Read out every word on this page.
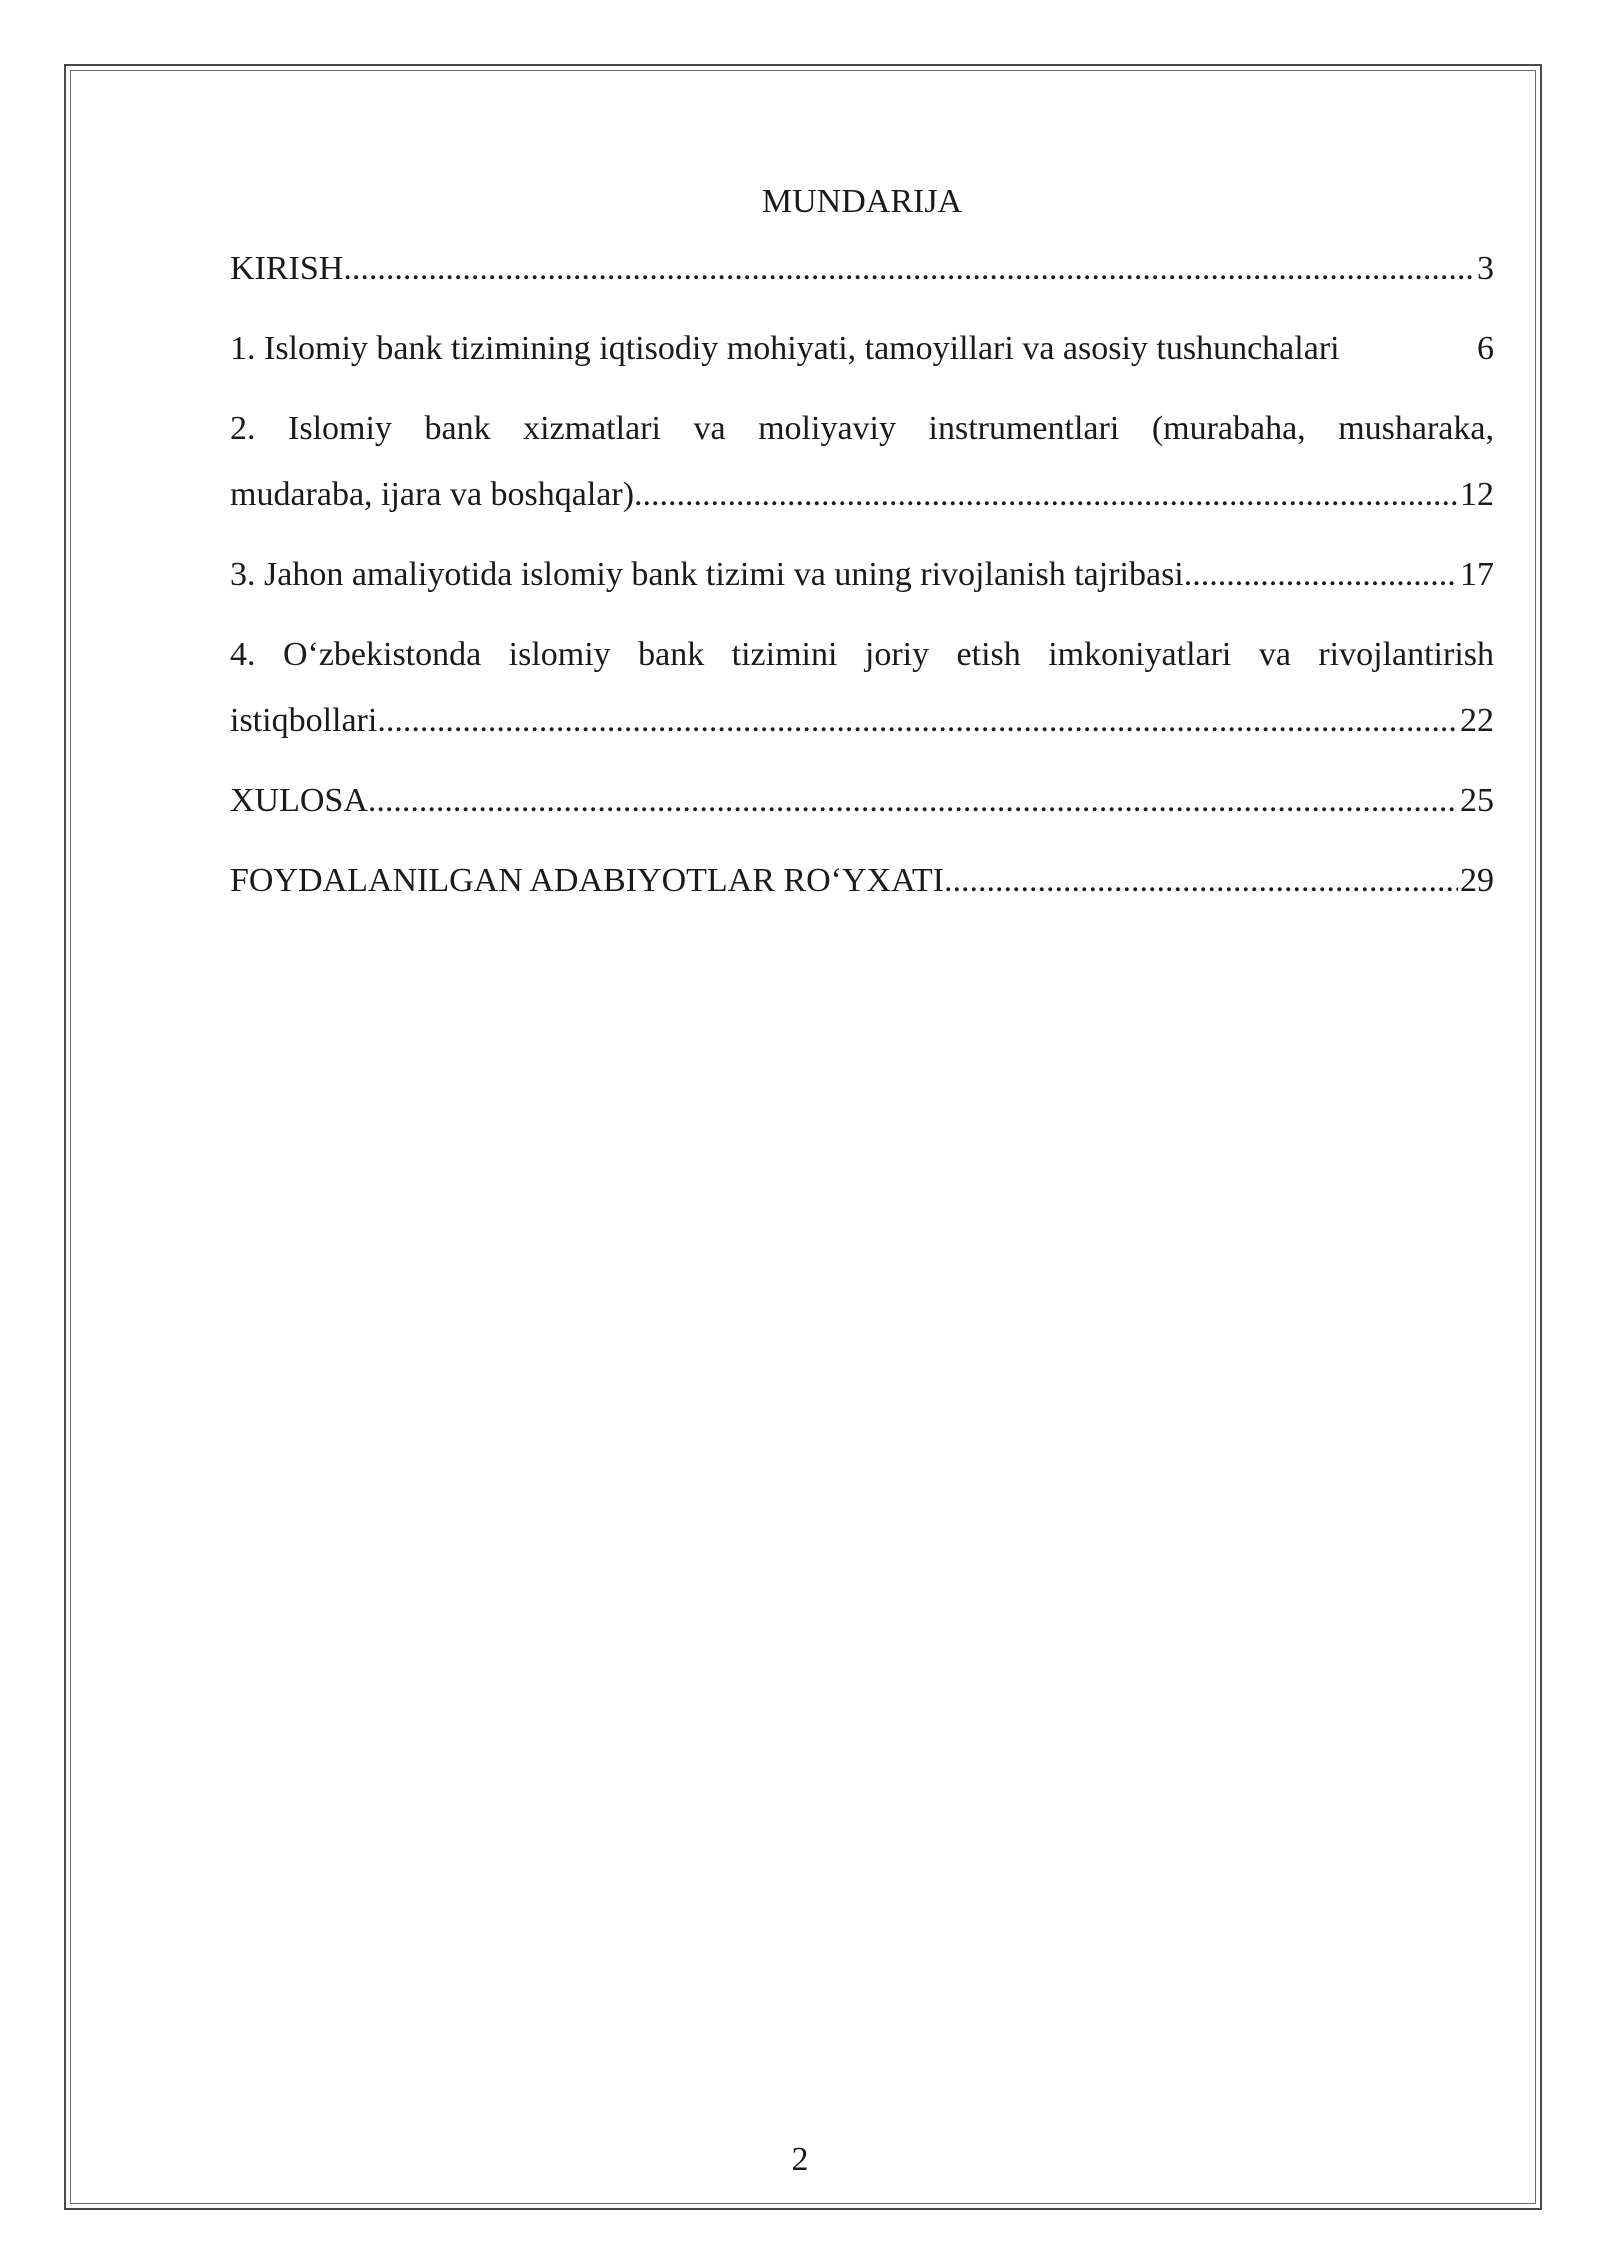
MUNDARIJA
KIRISH .....	3
1. Islomiy bank tizimining iqtisodiy mohiyati, tamoyillari va asosiy tushunchalari	6
2. Islomiy bank xizmatlari va moliyaviy instrumentlari (murabaha, musharaka,
mudaraba, ijara va boshqalar) .....	12
3. Jahon amaliyotida islomiy bank tizimi va uning rivojlanish tajribasi .....	17
4. O‘zbekistonda islomiy bank tizimini joriy etish imkoniyatlari va rivojlantirish
istiqbollari .....	22
XULOSA .....	25
FOYDALANILGAN ADABIYOTLAR RO‘YXATI .....	29
2
